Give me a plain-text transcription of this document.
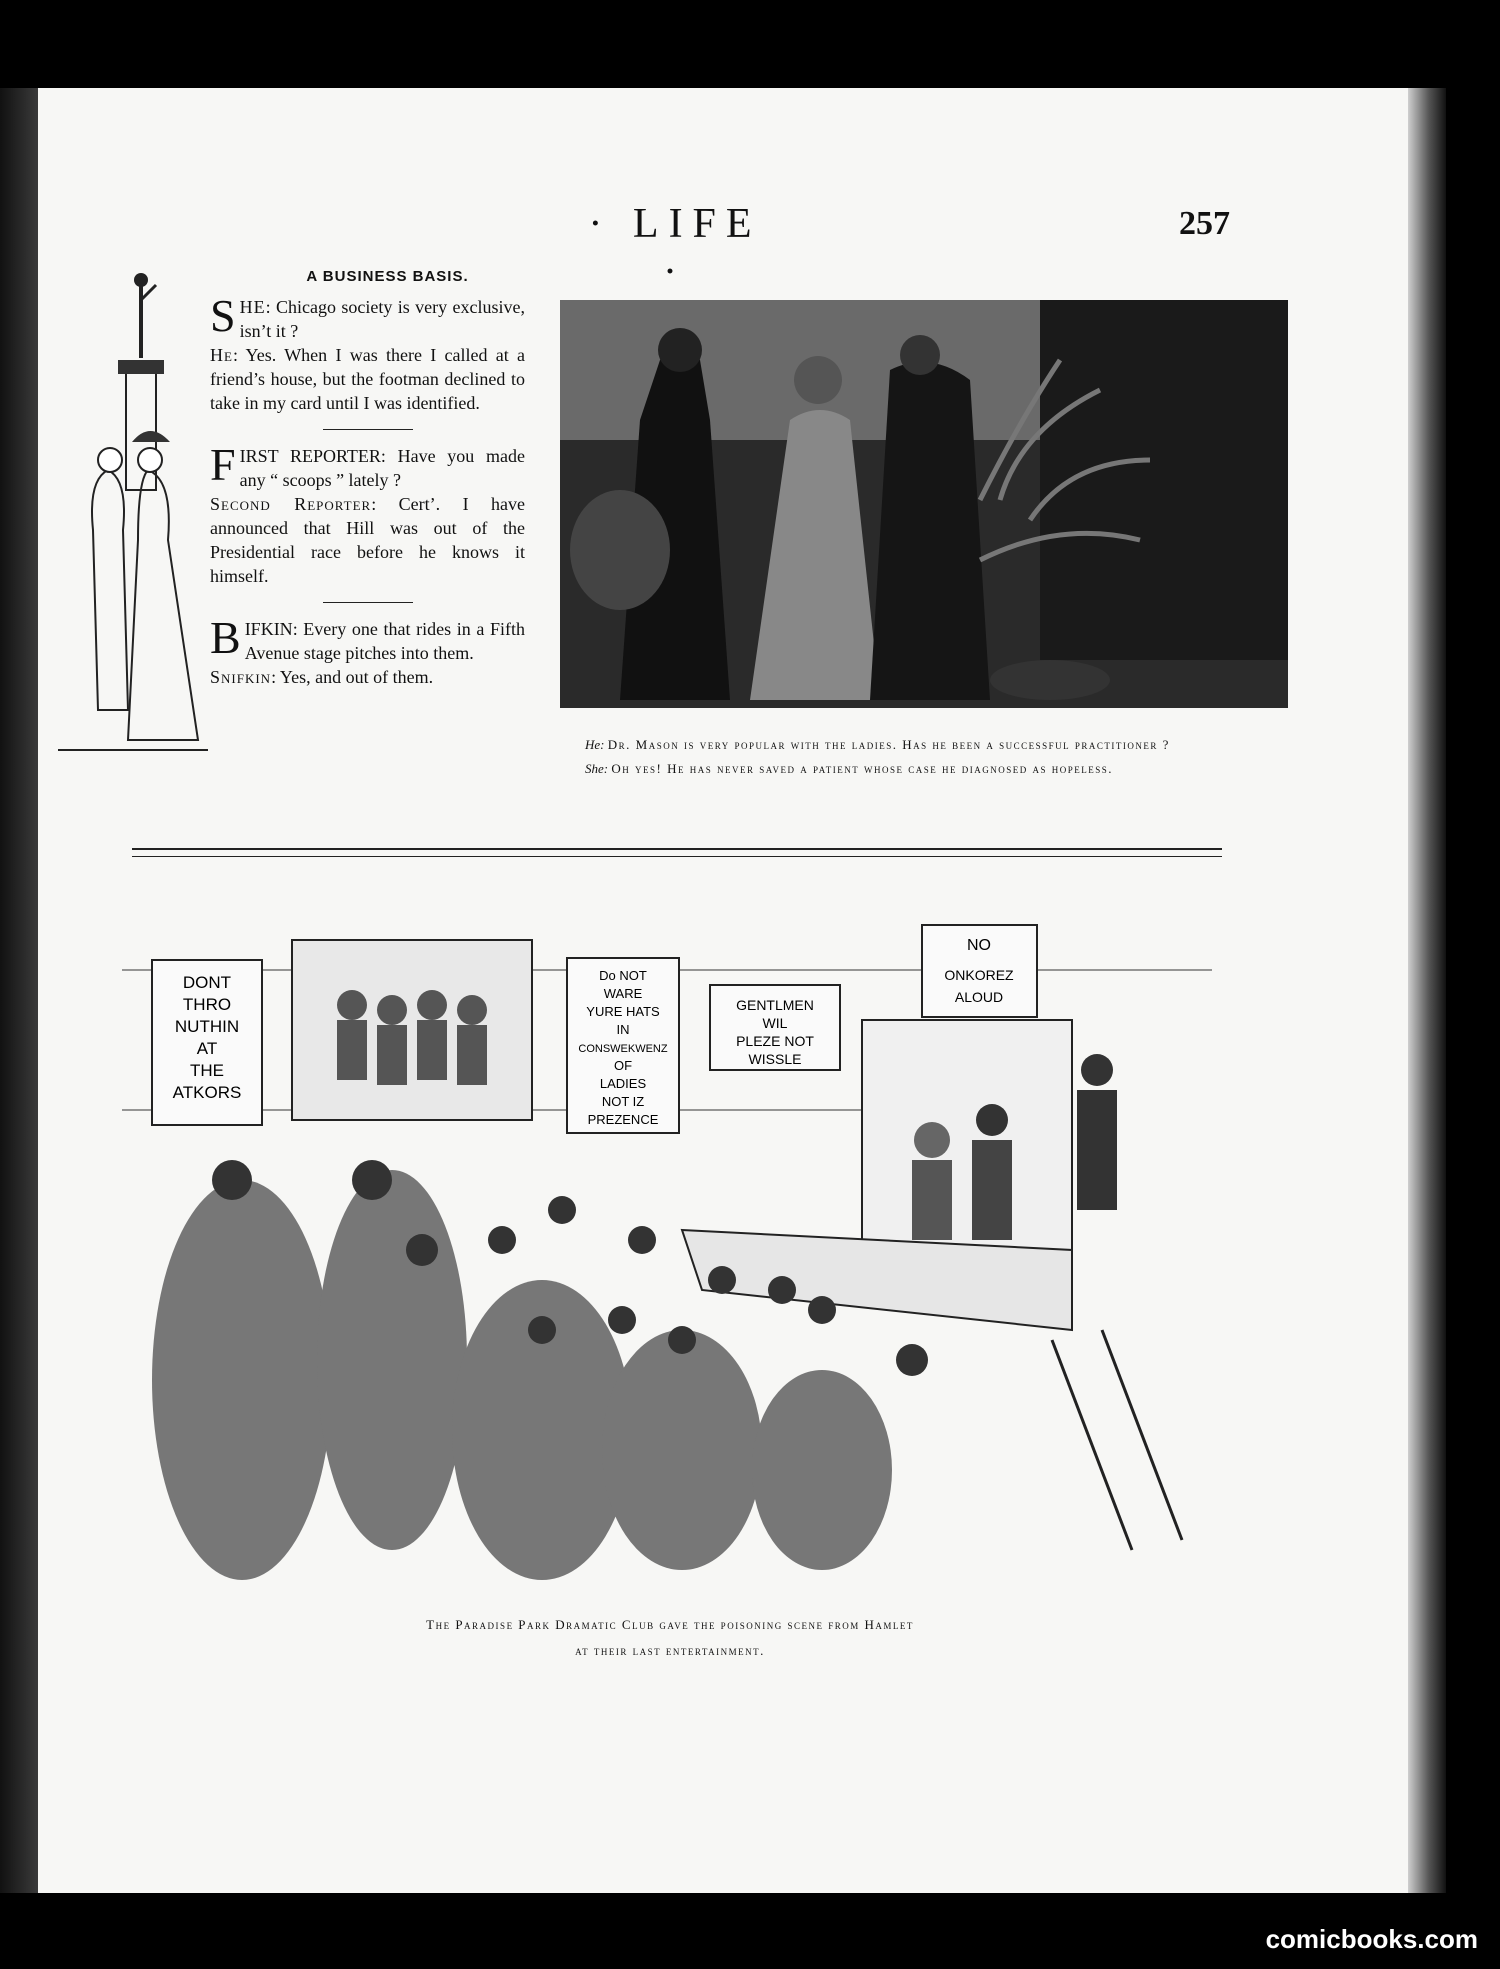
· LIFE ·
257
A BUSINESS BASIS.

SHE: Chicago society is very exclusive, isn’t it ?

He: Yes. When I was there I called at a friend’s house, but the footman declined to take in my card until I was identified.

FIRST REPORTER: Have you made any “ scoops ” lately ?

Second Reporter: Cert’. I have announced that Hill was out of the Presidential race before he knows it himself.

BIFKIN: Every one that rides in a Fifth Avenue stage pitches into them.

Snifkin: Yes, and out of them.

He: Dr. Mason is very popular with the ladies. Has he been a successful practitioner ?
She: Oh yes! He has never saved a patient whose case he diagnosed as hopeless.
DONT
THRO
NUTHIN
AT
THE
ATKORS
Do NOT
WARE
YURE HATS
IN
CONSWEKWENZ
OF
LADIES
NOT IZ
PREZENCE
GENTLMEN
WIL
PLEZE NOT
WISSLE
NO
ONKOREZ
ALOUD
The Paradise Park Dramatic Club gave the poisoning scene from Hamlet
at their last entertainment.
comicbooks.com
